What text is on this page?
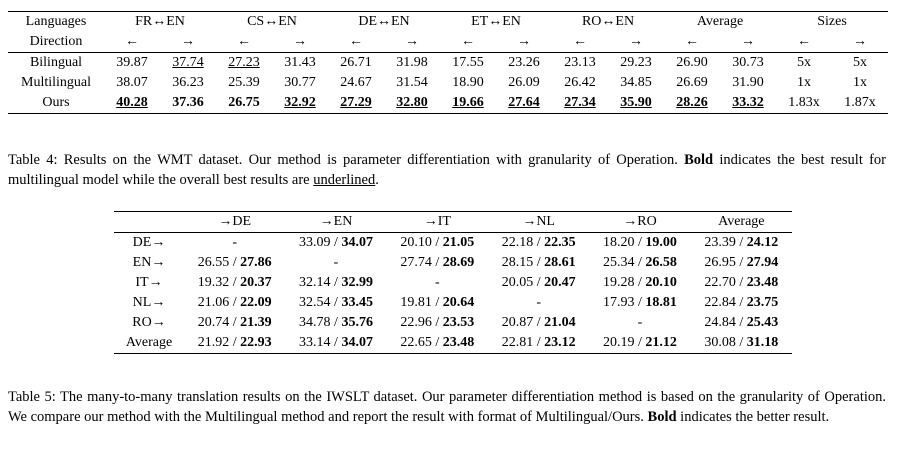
Languages	FR↔EN		CS↔EN		DE↔EN		ET↔EN		RO↔EN		Average		Sizes	
Direction	←	→	←	→	←	→	←	→	←	→	←	→	←	→
Bilingual	39.87	37.74	27.23	31.43	26.71	31.98	17.55	23.26	23.13	29.23	26.90	30.73	5x	5x
Multilingual	38.07	36.23	25.39	30.77	24.67	31.54	18.90	26.09	26.42	34.85	26.69	31.90	1x	1x
Ours	40.28	37.36	26.75	32.92	27.29	32.80	19.66	27.64	27.34	35.90	28.26	33.32	1.83x	1.87x
Table 4: Results on the WMT dataset. Our method is parameter differentiation with granularity of Operation. Bold indicates the best result for multilingual model while the overall best results are underlined.
	→DE	→EN	→IT	→NL	→RO	Average
DE→	-	33.09 / 34.07	20.10 / 21.05	22.18 / 22.35	18.20 / 19.00	23.39 / 24.12
EN→	26.55 / 27.86	-	27.74 / 28.69	28.15 / 28.61	25.34 / 26.58	26.95 / 27.94
IT→	19.32 / 20.37	32.14 / 32.99	-	20.05 / 20.47	19.28 / 20.10	22.70 / 23.48
NL→	21.06 / 22.09	32.54 / 33.45	19.81 / 20.64	-	17.93 / 18.81	22.84 / 23.75
RO→	20.74 / 21.39	34.78 / 35.76	22.96 / 23.53	20.87 / 21.04	-	24.84 / 25.43
Average	21.92 / 22.93	33.14 / 34.07	22.65 / 23.48	22.81 / 23.12	20.19 / 21.12	30.08 / 31.18
Table 5: The many-to-many translation results on the IWSLT dataset. Our parameter differentiation method is based on the granularity of Operation. We compare our method with the Multilingual method and report the result with format of Multilingual/Ours. Bold indicates the better result.
